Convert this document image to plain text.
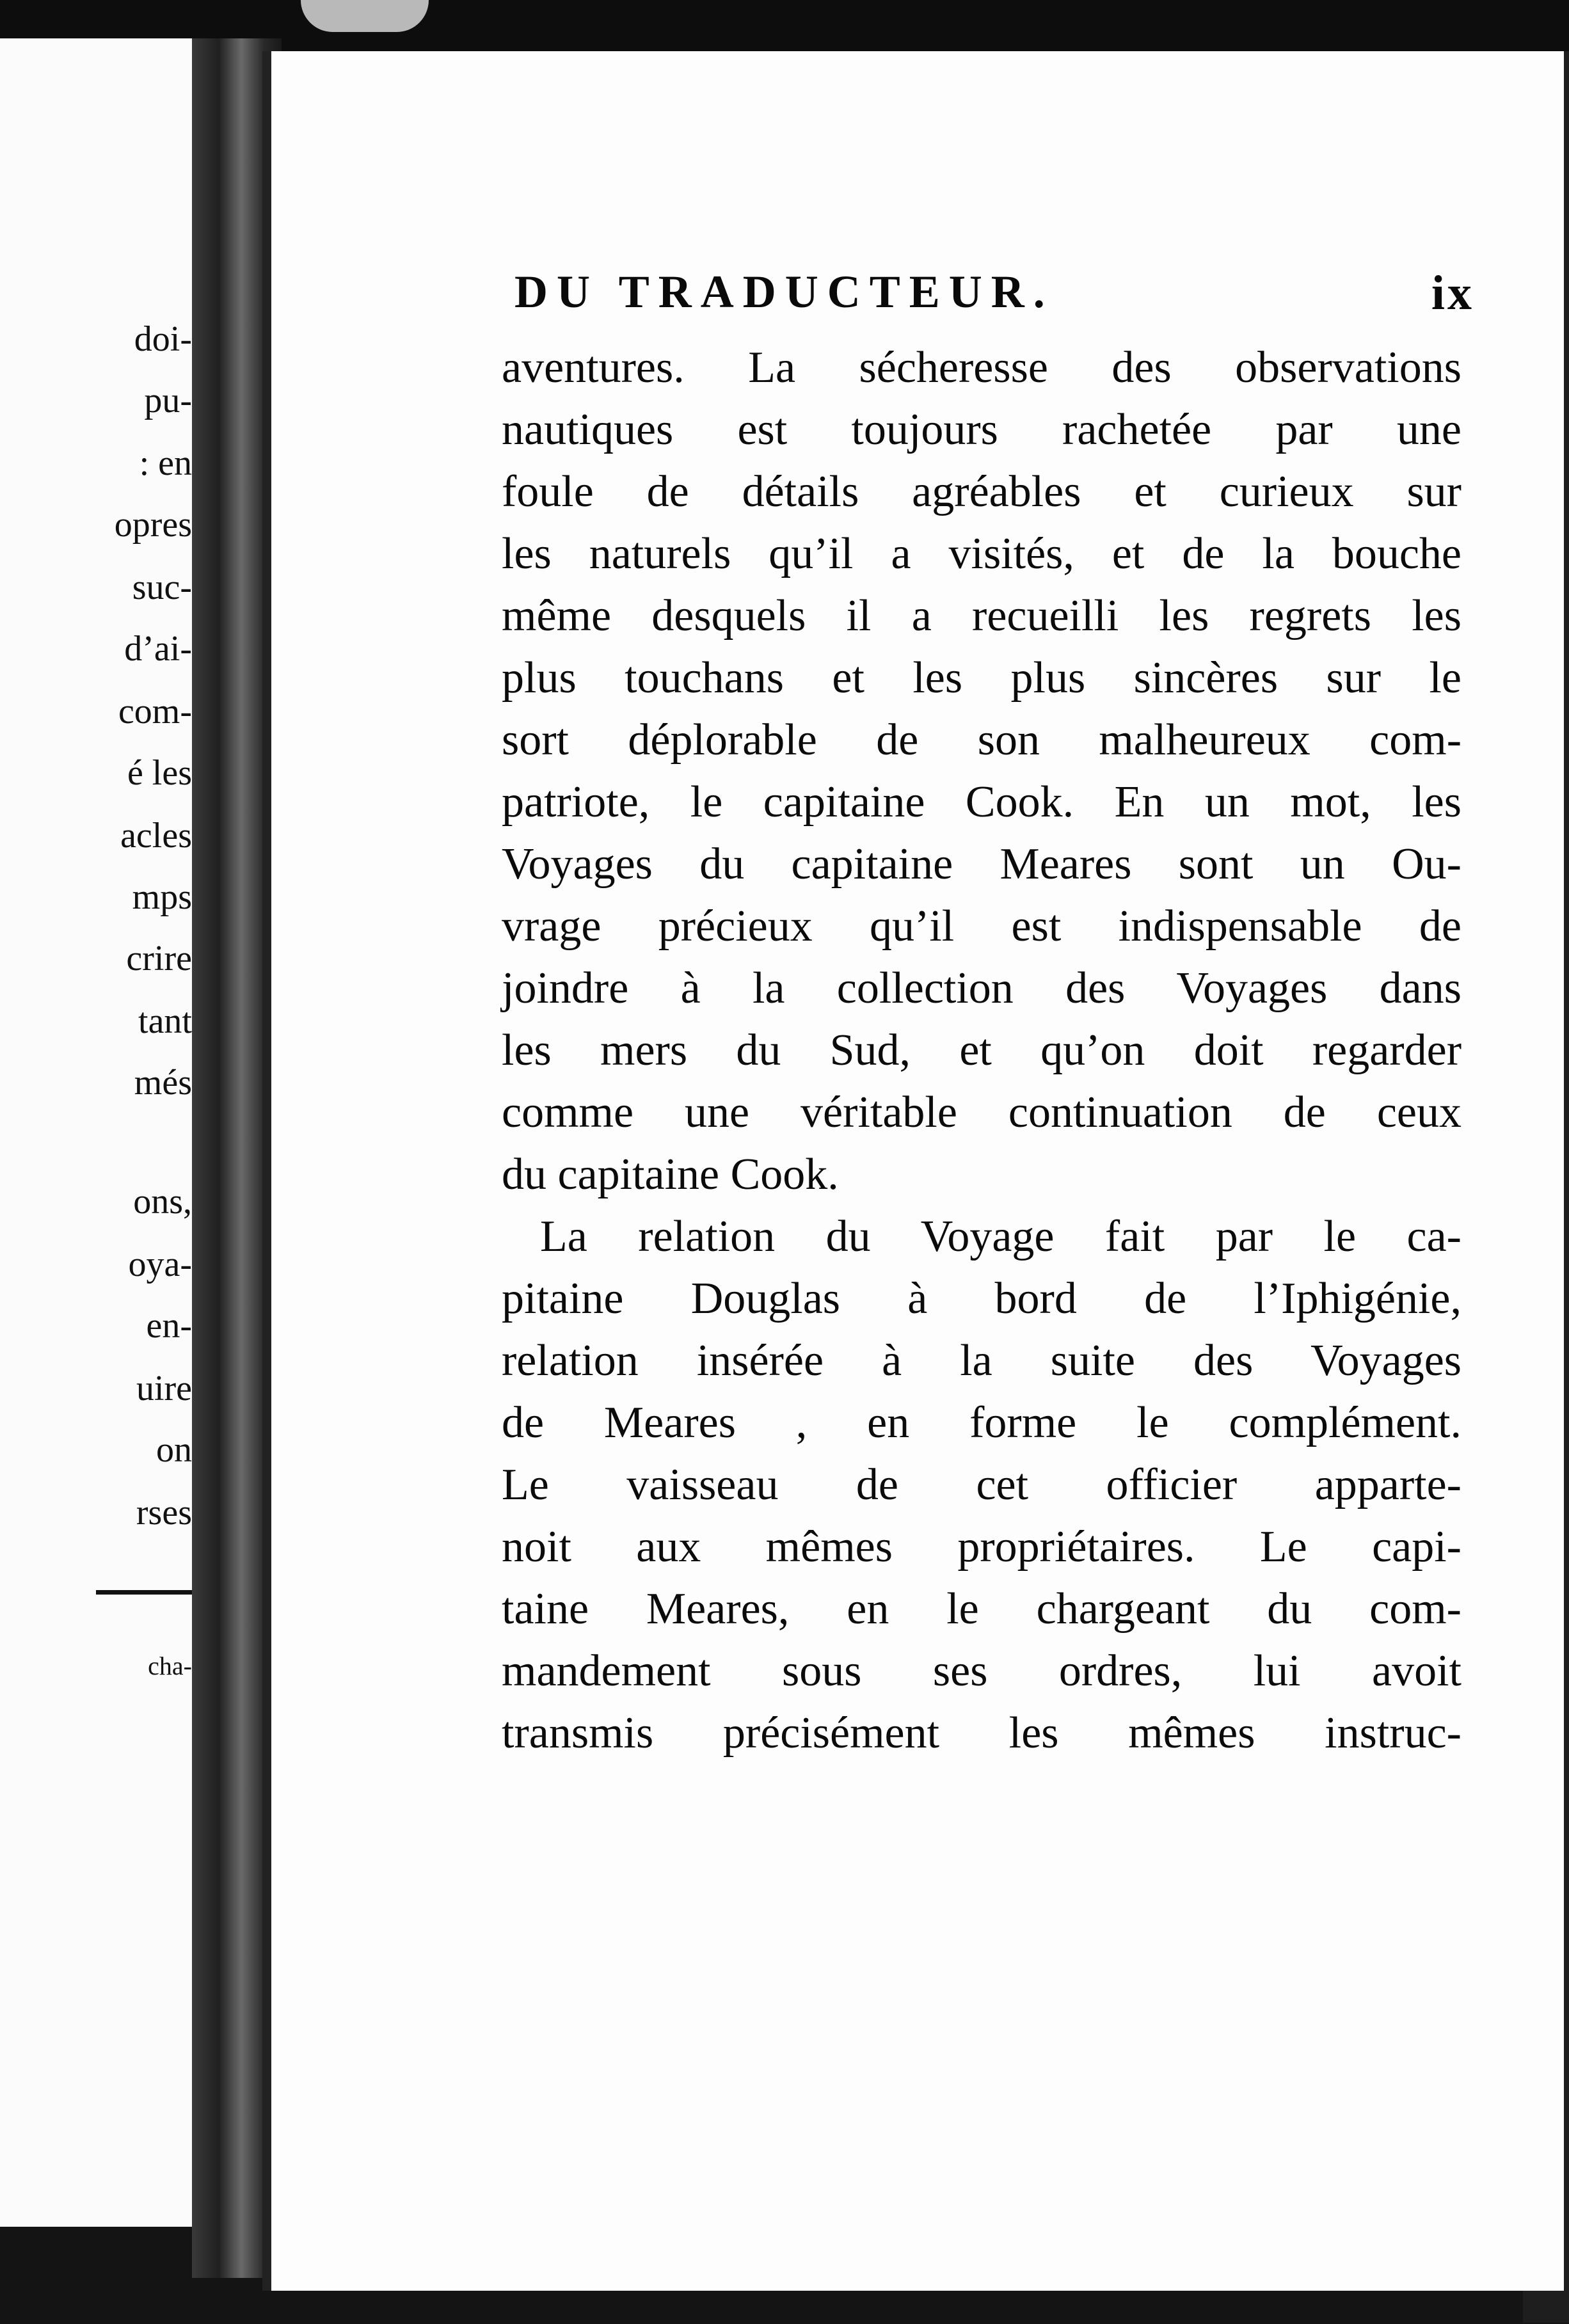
doi-
pu-
: en
opres
suc-
d’ai-
com-
é les
acles
mps
crire
tant
més
ons,
oya-
en-
uire
on
rses
cha-
DU TRADUCTEUR.	ix
aventures. La sécheresse des observations
nautiques est toujours rachetée par une
foule de détails agréables et curieux sur
les naturels qu’il a visités, et de la bouche
même desquels il a recueilli les regrets les
plus touchans et les plus sincères sur le
sort déplorable de son malheureux com-
patriote, le capitaine Cook. En un mot, les
Voyages du capitaine Meares sont un Ou-
vrage précieux qu’il est indispensable de
joindre à la collection des Voyages dans
les mers du Sud, et qu’on doit regarder
comme une véritable continuation de ceux
du capitaine Cook.
La relation du Voyage fait par le ca-
pitaine Douglas à bord de l’Iphigénie,
relation insérée à la suite des Voyages
de Meares , en forme le complément.
Le vaisseau de cet officier apparte-
noit aux mêmes propriétaires. Le capi-
taine Meares, en le chargeant du com-
mandement sous ses ordres, lui avoit
transmis précisément les mêmes instruc-
